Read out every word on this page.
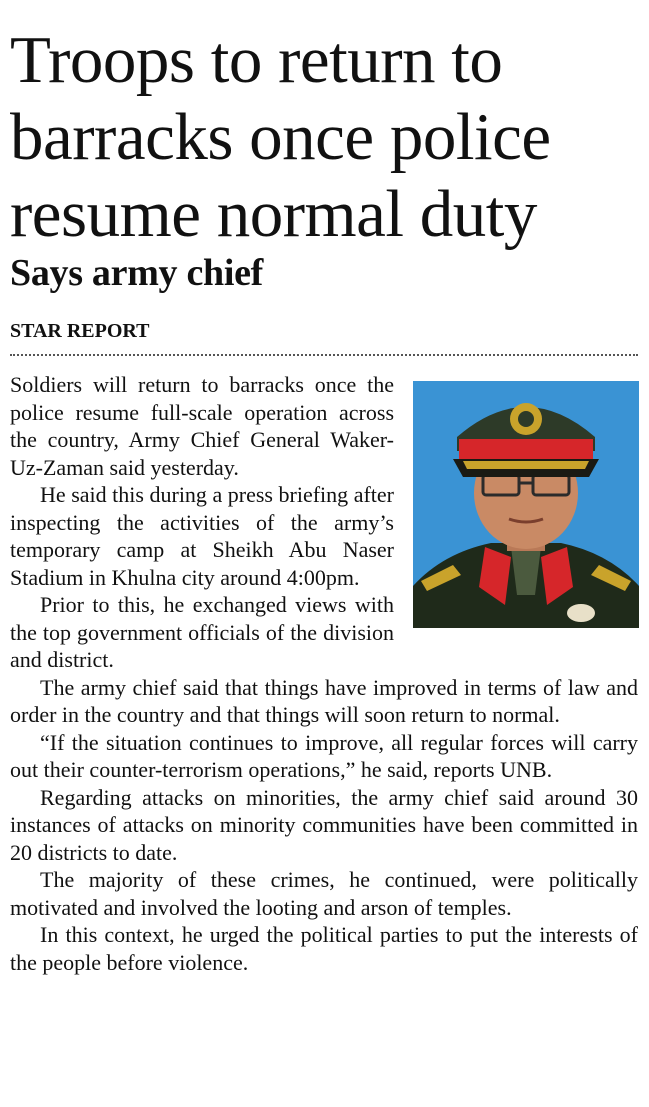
Troops to return to
barracks once police
resume normal duty
Says army chief
STAR REPORT

Soldiers will return to barracks once the police resume full-scale operation across the country, Army Chief General Waker-Uz-Zaman said yesterday.

He said this during a press briefing after inspecting the activities of the army’s temporary camp at Sheikh Abu Naser Stadium in Khulna city around 4:00pm.

Prior to this, he exchanged views with the top government officials of the division and district.

The army chief said that things have improved in terms of law and order in the country and that things will soon return to normal.

“If the situation continues to improve, all regular forces will carry out their counter-terrorism operations,” he said, reports UNB.

Regarding attacks on minorities, the army chief said around 30 instances of attacks on minority communities have been committed in 20 districts to date.

The majority of these crimes, he continued, were politically motivated and involved the looting and arson of temples.

In this context, he urged the political parties to put the interests of the people before violence.
